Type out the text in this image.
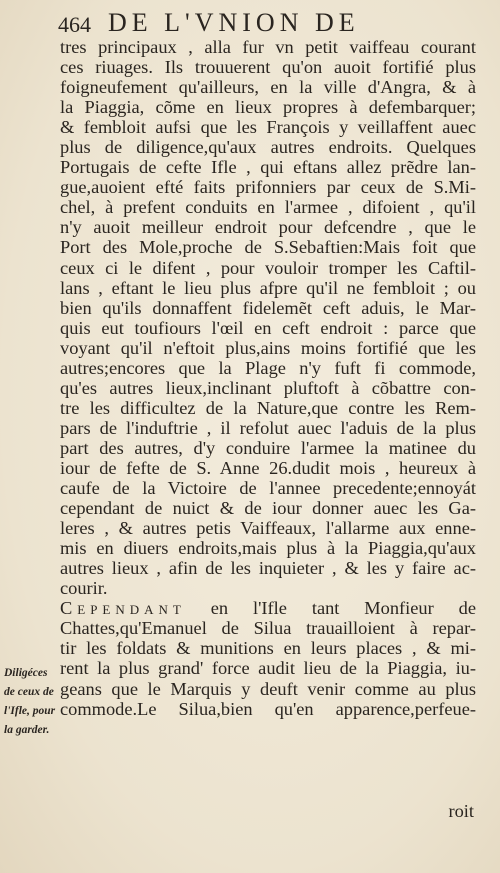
464 DE L'VNION DE
tres principaux , alla fur vn petit vaiffeau courant
ces riuages. Ils trouuerent qu'on auoit fortifié plus
foigneufement qu'ailleurs, en la ville d'Angra, & à
la Piaggia, cõme en lieux propres à defembarquer;
& fembloit aufsi que les François y veillaffent auec
plus de diligence,qu'aux autres endroits. Quelques
Portugais de cefte Ifle , qui eftans allez prẽdre lan-
gue,auoient efté faits prifonniers par ceux de S.Mi-
chel, à prefent conduits en l'armee , difoient , qu'il
n'y auoit meilleur endroit pour defcendre , que le
Port des Mole,proche de S.Sebaftien:Mais foit que
ceux ci le difent , pour vouloir tromper les Caftil-
lans , eftant le lieu plus afpre qu'il ne fembloit ; ou
bien qu'ils donnaffent fidelemẽt ceft aduis, le Mar-
quis eut toufiours l'œil en ceft endroit : parce que
voyant qu'il n'eftoit plus,ains moins fortifié que les
autres;encores que la Plage n'y fuft fi commode,
qu'es autres lieux,inclinant pluftoft à cõbattre con-
tre les difficultez de la Nature,que contre les Rem-
pars de l'induftrie , il refolut auec l'aduis de la plus
part des autres, d'y conduire l'armee la matinee du
iour de fefte de S. Anne 26.dudit mois , heureux à
caufe de la Victoire de l'annee precedente;ennoyát
cependant de nuict & de iour donner auec les Ga-
leres , & autres petis Vaiffeaux, l'allarme aux enne-
mis en diuers endroits,mais plus à la Piaggia,qu'aux
autres lieux , afin de les inquieter , & les y faire ac-
courir.
Cependant en l'Ifle tant Monfieur de
Chattes,qu'Emanuel de Silua trauailloient à repar-
tir les foldats & munitions en leurs places , & mi-
rent la plus grand' force audit lieu de la Piaggia, iu-
geans que le Marquis y deuft venir comme au plus
commode.Le Silua,bien qu'en apparence,perfeue-
Diligéces
de ceux de
l'Ifle, pour
la garder.
roit
